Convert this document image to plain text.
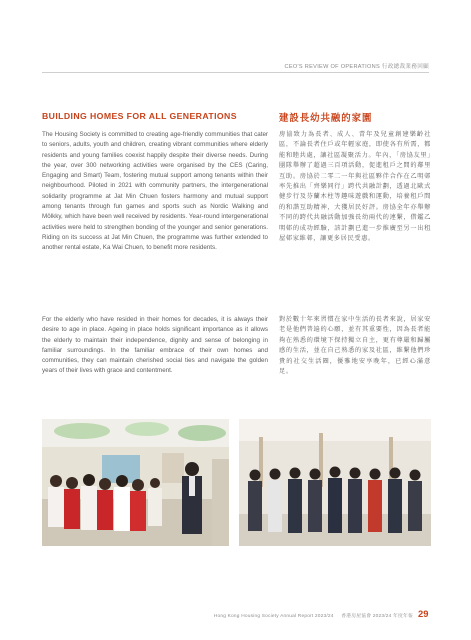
CEO'S REVIEW OF OPERATIONS 行政總裁業務回顧
BUILDING HOMES FOR ALL GENERATIONS	建設長幼共融的家園

The Housing Society is committed to creating age-friendly communities that cater to seniors, adults, youth and children, creating vibrant communities where elderly residents and young families coexist happily despite their diverse needs. During the year, over 300 networking activities were organised by the CES (Caring, Engaging and Smart) Team, fostering mutual support among tenants within their neighbourhood. Piloted in 2021 with community partners, the intergenerational solidarity programme at Jat Min Chuen fosters harmony and mutual support among tenants through fun games and sports such as Nordic Walking and Mölkky, which have been well received by residents. Year-round intergenerational activities were held to strengthen bonding of the younger and senior generations. Riding on its success at Jat Min Chuen, the programme was further extended to another rental estate, Ka Wai Chuen, to benefit more residents.

For the elderly who have resided in their homes for decades, it is always their desire to age in place. Ageing in place holds significant importance as it allows the elderly to maintain their independence, dignity and sense of belonging in familiar surroundings. In the familiar embrace of their own homes and communities, they can maintain cherished social ties and navigate the golden years of their lives with grace and contentment.

房協致力為長者、成人、青年及兒童創建樂齡社區，不論長者住戶或年輕家庭，即使各有所需，都能和睦共處，讓社區凝聚活力。年內，「房協友里」團隊舉辦了超過三百項活動，促進租戶之間的鄰里互助。房協於二零二一年與社區夥伴合作在乙明邨率先推出「齊樂同行」跨代共融計劃，透過北歐式健步行及芬蘭木柱等趣味遊戲和運動，培養租戶間的和諧互助精神，大獲居民好評。房協全年亦舉辦不同的跨代共融活動加強長幼兩代的連繫，借鑑乙明邨的成功經驗，該計劃已進一步推廣至另一出租屋邨家維邨，讓更多居民受惠。

對於數十年來習慣在家中生活的長者來說，居家安老是他們普遍的心願，並有其重要性，因為長者能夠在熟悉的環境下保持獨立自主，更有尊嚴和歸屬感的生活，並在自己熟悉的家及社區，維繫他們珍貴的社交生活圈，優雅地安享晚年，已經心滿意足。

Hong Kong Housing Society Annual Report 2023/24 香港房屋協會 2023/24 年度年報 29
